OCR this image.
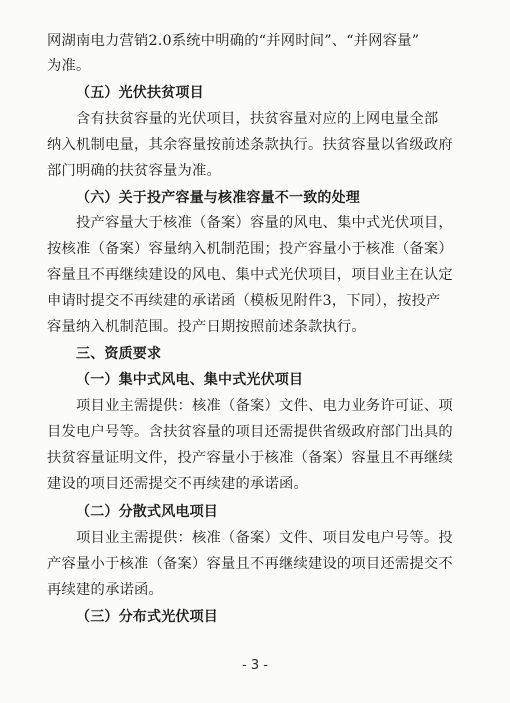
网湖南电力营销2.0系统中明确的“并网时间”、“并网容量”
为准。
（五）光伏扶贫项目
含有扶贫容量的光伏项目，扶贫容量对应的上网电量全部
纳入机制电量，其余容量按前述条款执行。扶贫容量以省级政府
部门明确的扶贫容量为准。
（六）关于投产容量与核准容量不一致的处理
投产容量大于核准（备案）容量的风电、集中式光伏项目，
按核准（备案）容量纳入机制范围；投产容量小于核准（备案）
容量且不再继续建设的风电、集中式光伏项目，项目业主在认定
申请时提交不再续建的承诺函（模板见附件3，下同），按投产
容量纳入机制范围。投产日期按照前述条款执行。
三、资质要求
（一）集中式风电、集中式光伏项目
项目业主需提供：核准（备案）文件、电力业务许可证、项
目发电户号等。含扶贫容量的项目还需提供省级政府部门出具的
扶贫容量证明文件，投产容量小于核准（备案）容量且不再继续
建设的项目还需提交不再续建的承诺函。
（二）分散式风电项目
项目业主需提供：核准（备案）文件、项目发电户号等。投
产容量小于核准（备案）容量且不再继续建设的项目还需提交不
再续建的承诺函。
（三）分布式光伏项目
- 3 -
